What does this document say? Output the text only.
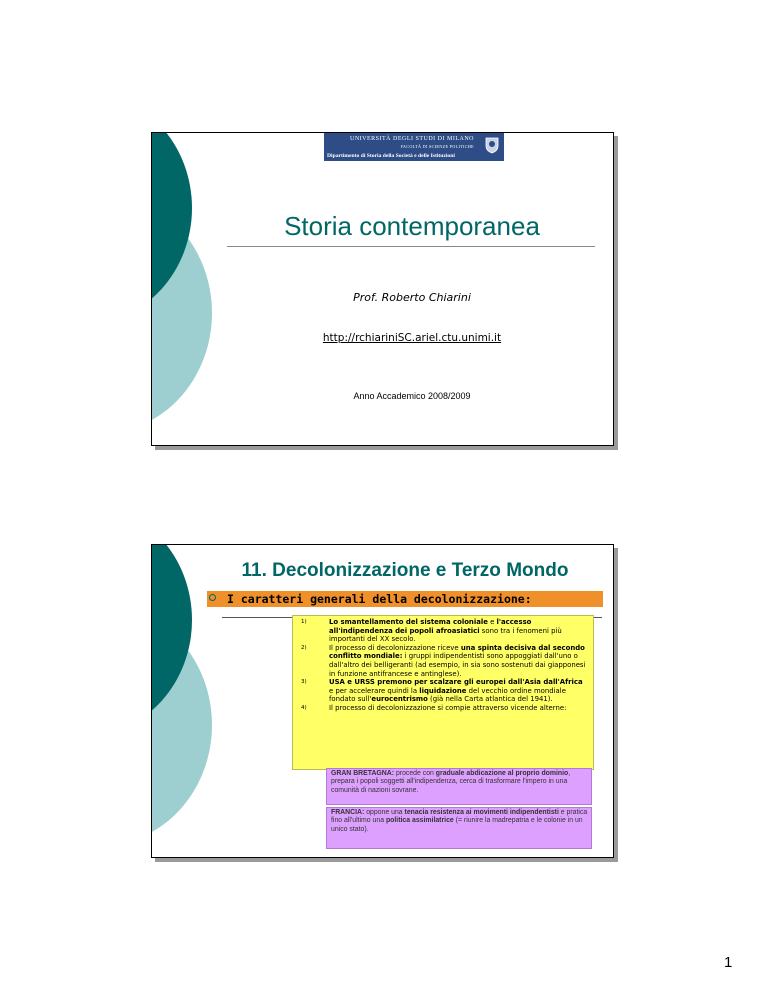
UNIVERSITÀ DEGLI STUDI DI MILANO
FACOLTÀ DI SCIENZE POLITICHE
Dipartimento di Storia della Società e delle Istituzioni
Storia contemporanea
Prof. Roberto Chiarini
http://rchiariniSC.ariel.ctu.unimi.it
Anno Accademico 2008/2009
11. Decolonizzazione e Terzo Mondo
I caratteri generali della decolonizzazione:
1)	Lo smantellamento del sistema coloniale e l'accesso all'indipendenza dei popoli afroasiatici sono tra i fenomeni più importanti del XX secolo.
2)	Il processo di decolonizzazione riceve una spinta decisiva dal secondo conflitto mondiale: i gruppi indipendentisti sono appoggiati dall'uno o dall'altro dei belligeranti (ad esempio, in sia sono sostenuti dai giapponesi in funzione antifrancese e antinglese).
3)	USA e URSS premono per scalzare gli europei dall'Asia dall'Africa e per accelerare quindi la liquidazione del vecchio ordine mondiale fondato sull'eurocentrismo (già nella Carta atlantica del 1941).
4)	Il processo di decolonizzazione si compie attraverso vicende alterne:
GRAN BRETAGNA: procede con graduale abdicazione al proprio dominio, prepara i popoli soggetti all'indipendenza, cerca di trasformare l'impero in una comunità di nazioni sovrane.
FRANCIA: oppone una tenacia resistenza ai movimenti indipendentisti e pratica fino all'ultimo una politica assimilatrice (= riunire la madrepatria e le colonie in un unico stato).
1
